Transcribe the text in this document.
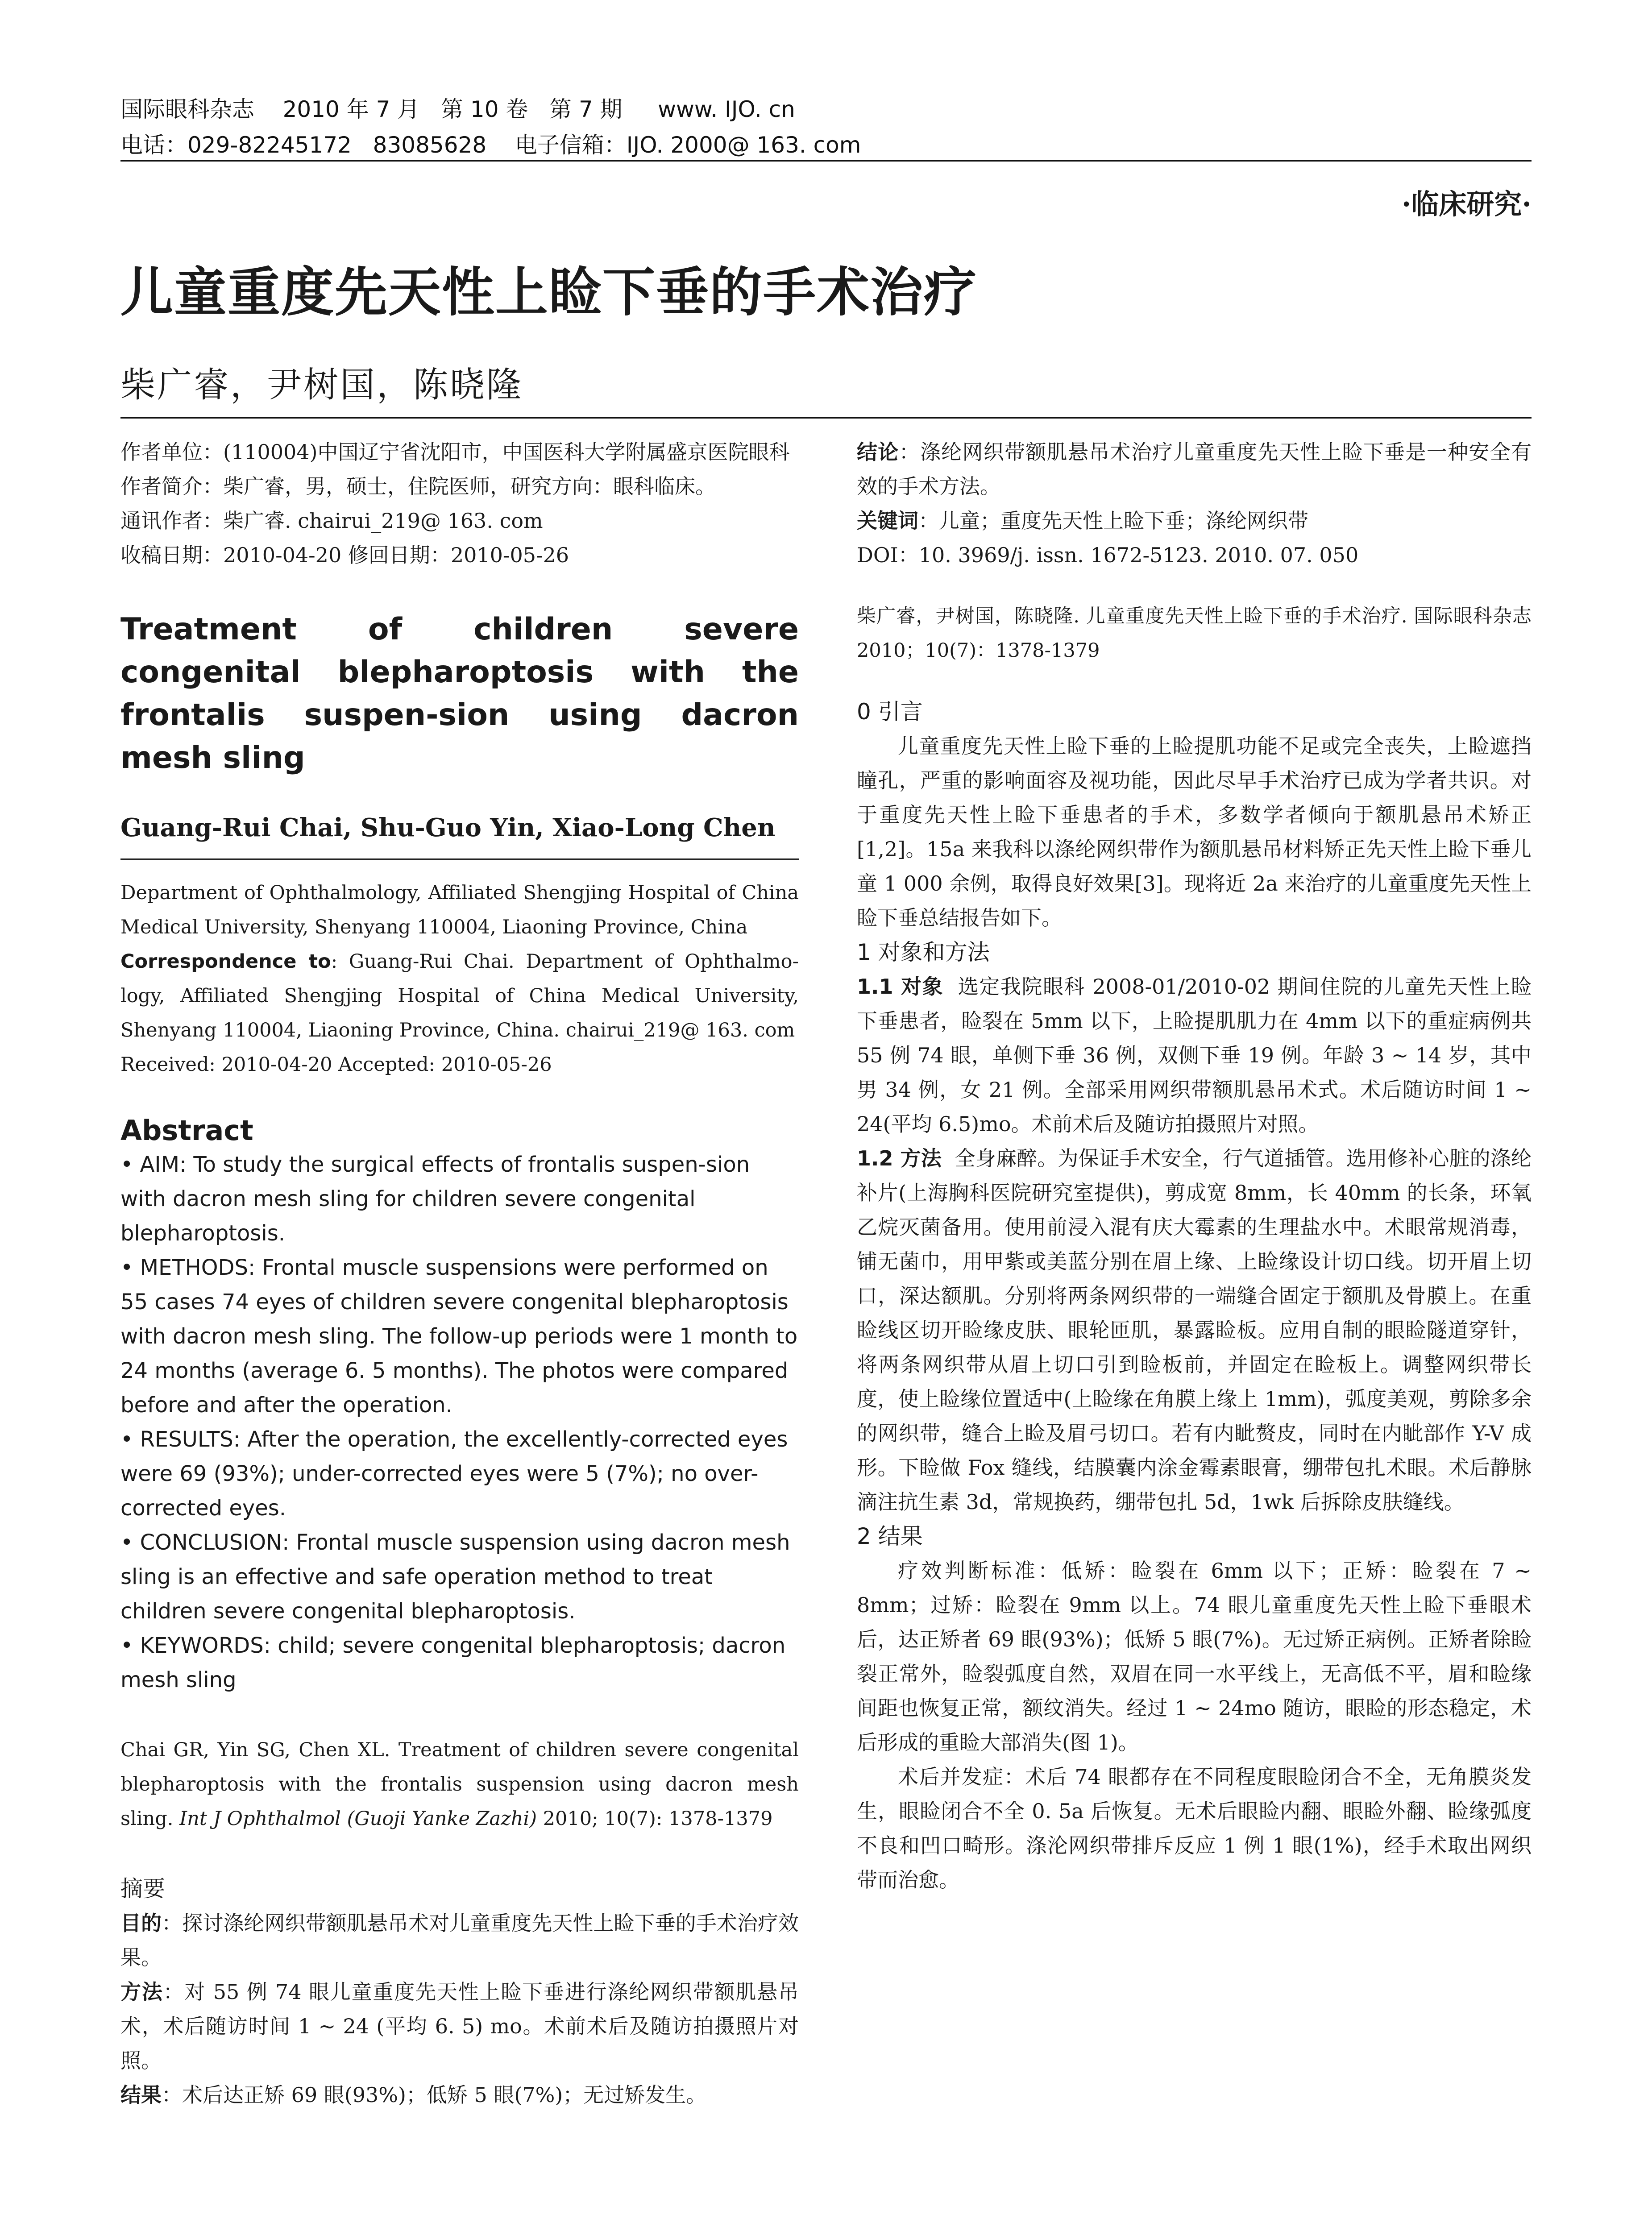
国际眼科杂志    2010 年 7 月   第 10 卷   第 7 期     www. IJO. cn
电话：029-82245172   83085628    电子信箱：IJO. 2000@ 163. com
·临床研究·
儿童重度先天性上睑下垂的手术治疗
柴广睿，尹树国，陈晓隆

作者单位：(110004)中国辽宁省沈阳市，中国医科大学附属盛京医院眼科

作者简介：柴广睿，男，硕士，住院医师，研究方向：眼科临床。

通讯作者：柴广睿. chairui_219@ 163. com

收稿日期：2010-04-20 修回日期：2010-05-26

Treatment of children severe congenital blepharoptosis with the frontalis suspen-sion using dacron mesh sling

Guang-Rui Chai, Shu-Guo Yin, Xiao-Long Chen

Department of Ophthalmology, Affiliated Shengjing Hospital of China Medical University, Shenyang 110004, Liaoning Province, China

Correspondence to: Guang-Rui Chai. Department of Ophthalmo-logy, Affiliated Shengjing Hospital of China Medical University, Shenyang 110004, Liaoning Province, China. chairui_219@ 163. com

Received: 2010-04-20 Accepted: 2010-05-26

Abstract

• AIM: To study the surgical effects of frontalis suspen-sion with dacron mesh sling for children severe congenital blepharoptosis.

• METHODS: Frontal muscle suspensions were performed on 55 cases 74 eyes of children severe congenital blepharoptosis with dacron mesh sling. The follow-up periods were 1 month to 24 months (average 6. 5 months). The photos were compared before and after the operation.

• RESULTS: After the operation, the excellently-corrected eyes were 69 (93%); under-corrected eyes were 5 (7%); no over-corrected eyes.

• CONCLUSION: Frontal muscle suspension using dacron mesh sling is an effective and safe operation method to treat children severe congenital blepharoptosis.

• KEYWORDS: child; severe congenital blepharoptosis; dacron mesh sling

Chai GR, Yin SG, Chen XL. Treatment of children severe congenital blepharoptosis with the frontalis suspension using dacron mesh sling. Int J Ophthalmol (Guoji Yanke Zazhi) 2010; 10(7): 1378-1379

摘要

目的：探讨涤纶网织带额肌悬吊术对儿童重度先天性上睑下垂的手术治疗效果。

方法：对 55 例 74 眼儿童重度先天性上睑下垂进行涤纶网织带额肌悬吊术，术后随访时间 1 ~ 24 (平均 6. 5) mo。术前术后及随访拍摄照片对照。

结果：术后达正矫 69 眼(93%)；低矫 5 眼(7%)；无过矫发生。

结论：涤纶网织带额肌悬吊术治疗儿童重度先天性上睑下垂是一种安全有效的手术方法。

关键词：儿童；重度先天性上睑下垂；涤纶网织带

DOI：10. 3969/j. issn. 1672-5123. 2010. 07. 050

柴广睿，尹树国，陈晓隆. 儿童重度先天性上睑下垂的手术治疗. 国际眼科杂志 2010；10(7)：1378-1379

0 引言

儿童重度先天性上睑下垂的上睑提肌功能不足或完全丧失，上睑遮挡瞳孔，严重的影响面容及视功能，因此尽早手术治疗已成为学者共识。对于重度先天性上睑下垂患者的手术，多数学者倾向于额肌悬吊术矫正[1,2]。15a 来我科以涤纶网织带作为额肌悬吊材料矫正先天性上睑下垂儿童 1 000 余例，取得良好效果[3]。现将近 2a 来治疗的儿童重度先天性上睑下垂总结报告如下。

1 对象和方法

1.1 对象 选定我院眼科 2008-01/2010-02 期间住院的儿童先天性上睑下垂患者，睑裂在 5mm 以下，上睑提肌肌力在 4mm 以下的重症病例共 55 例 74 眼，单侧下垂 36 例，双侧下垂 19 例。年龄 3 ~ 14 岁，其中男 34 例，女 21 例。全部采用网织带额肌悬吊术式。术后随访时间 1 ~ 24(平均 6.5)mo。术前术后及随访拍摄照片对照。

1.2 方法 全身麻醉。为保证手术安全，行气道插管。选用修补心脏的涤纶补片(上海胸科医院研究室提供)，剪成宽 8mm，长 40mm 的长条，环氧乙烷灭菌备用。使用前浸入混有庆大霉素的生理盐水中。术眼常规消毒，铺无菌巾，用甲紫或美蓝分别在眉上缘、上睑缘设计切口线。切开眉上切口，深达额肌。分别将两条网织带的一端缝合固定于额肌及骨膜上。在重睑线区切开睑缘皮肤、眼轮匝肌，暴露睑板。应用自制的眼睑隧道穿针，将两条网织带从眉上切口引到睑板前，并固定在睑板上。调整网织带长度，使上睑缘位置适中(上睑缘在角膜上缘上 1mm)，弧度美观，剪除多余的网织带，缝合上睑及眉弓切口。若有内眦赘皮，同时在内眦部作 Y-V 成形。下睑做 Fox 缝线，结膜囊内涂金霉素眼膏，绷带包扎术眼。术后静脉滴注抗生素 3d，常规换药，绷带包扎 5d，1wk 后拆除皮肤缝线。

2 结果

疗效判断标准：低矫：睑裂在 6mm 以下；正矫：睑裂在 7 ~ 8mm；过矫：睑裂在 9mm 以上。74 眼儿童重度先天性上睑下垂眼术后，达正矫者 69 眼(93%)；低矫 5 眼(7%)。无过矫正病例。正矫者除睑裂正常外，睑裂弧度自然，双眉在同一水平线上，无高低不平，眉和睑缘间距也恢复正常，额纹消失。经过 1 ~ 24mo 随访，眼睑的形态稳定，术后形成的重睑大部消失(图 1)。

术后并发症：术后 74 眼都存在不同程度眼睑闭合不全，无角膜炎发生，眼睑闭合不全 0. 5a 后恢复。无术后眼睑内翻、眼睑外翻、睑缘弧度不良和凹口畸形。涤沦网织带排斥反应 1 例 1 眼(1%)，经手术取出网织带而治愈。
